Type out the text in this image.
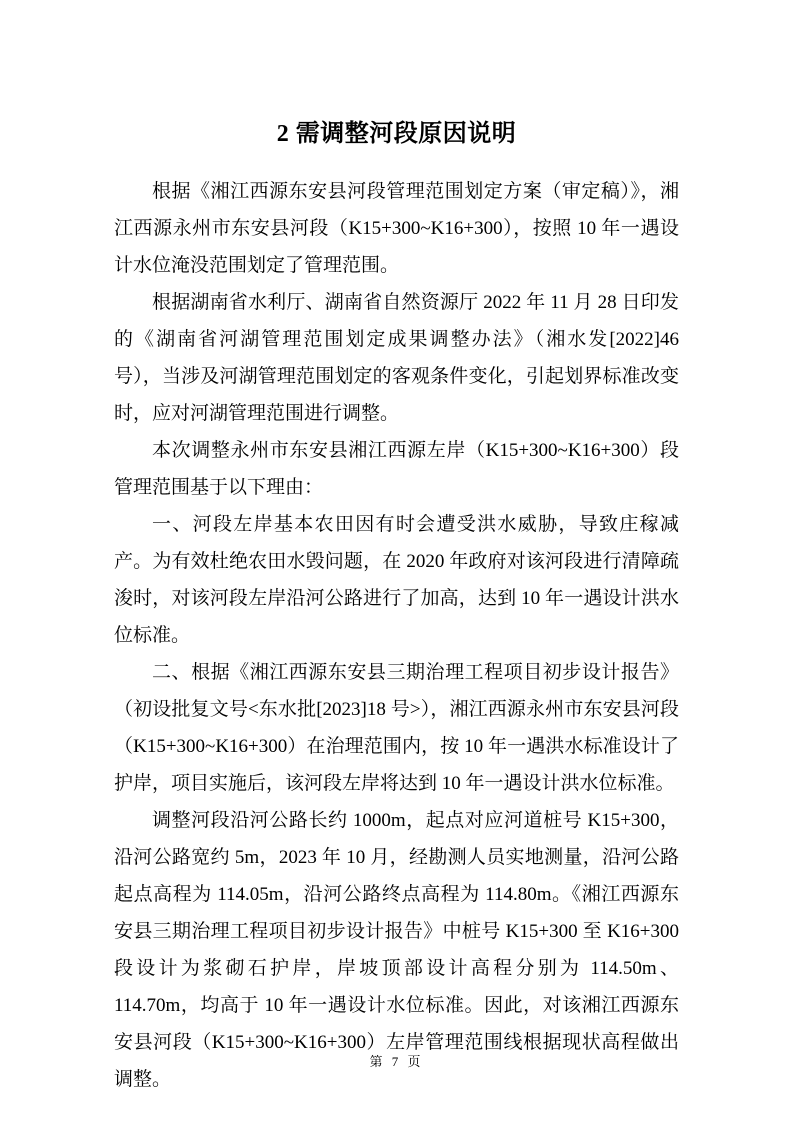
2 需调整河段原因说明

根据《湘江西源东安县河段管理范围划定方案（审定稿）》，湘江西源永州市东安县河段（K15+300~K16+300），按照 10 年一遇设计水位淹没范围划定了管理范围。

根据湖南省水利厅、湖南省自然资源厅 2022 年 11 月 28 日印发的《湖南省河湖管理范围划定成果调整办法》（湘水发[2022]46 号），当涉及河湖管理范围划定的客观条件变化，引起划界标准改变时，应对河湖管理范围进行调整。

本次调整永州市东安县湘江西源左岸（K15+300~K16+300）段管理范围基于以下理由：

一、河段左岸基本农田因有时会遭受洪水威胁，导致庄稼减产。为有效杜绝农田水毁问题，在 2020 年政府对该河段进行清障疏浚时，对该河段左岸沿河公路进行了加高，达到 10 年一遇设计洪水位标准。

二、根据《湘江西源东安县三期治理工程项目初步设计报告》（初设批复文号<东水批[2023]18 号>），湘江西源永州市东安县河段（K15+300~K16+300）在治理范围内，按 10 年一遇洪水标准设计了护岸，项目实施后，该河段左岸将达到 10 年一遇设计洪水位标准。

调整河段沿河公路长约 1000m，起点对应河道桩号 K15+300，沿河公路宽约 5m，2023 年 10 月，经勘测人员实地测量，沿河公路起点高程为 114.05m，沿河公路终点高程为 114.80m。《湘江西源东安县三期治理工程项目初步设计报告》中桩号 K15+300 至 K16+300 段设计为浆砌石护岸，岸坡顶部设计高程分别为 114.50m、114.70m，均高于 10 年一遇设计水位标准。因此，对该湘江西源东安县河段（K15+300~K16+300）左岸管理范围线根据现状高程做出调整。

第 7 页
